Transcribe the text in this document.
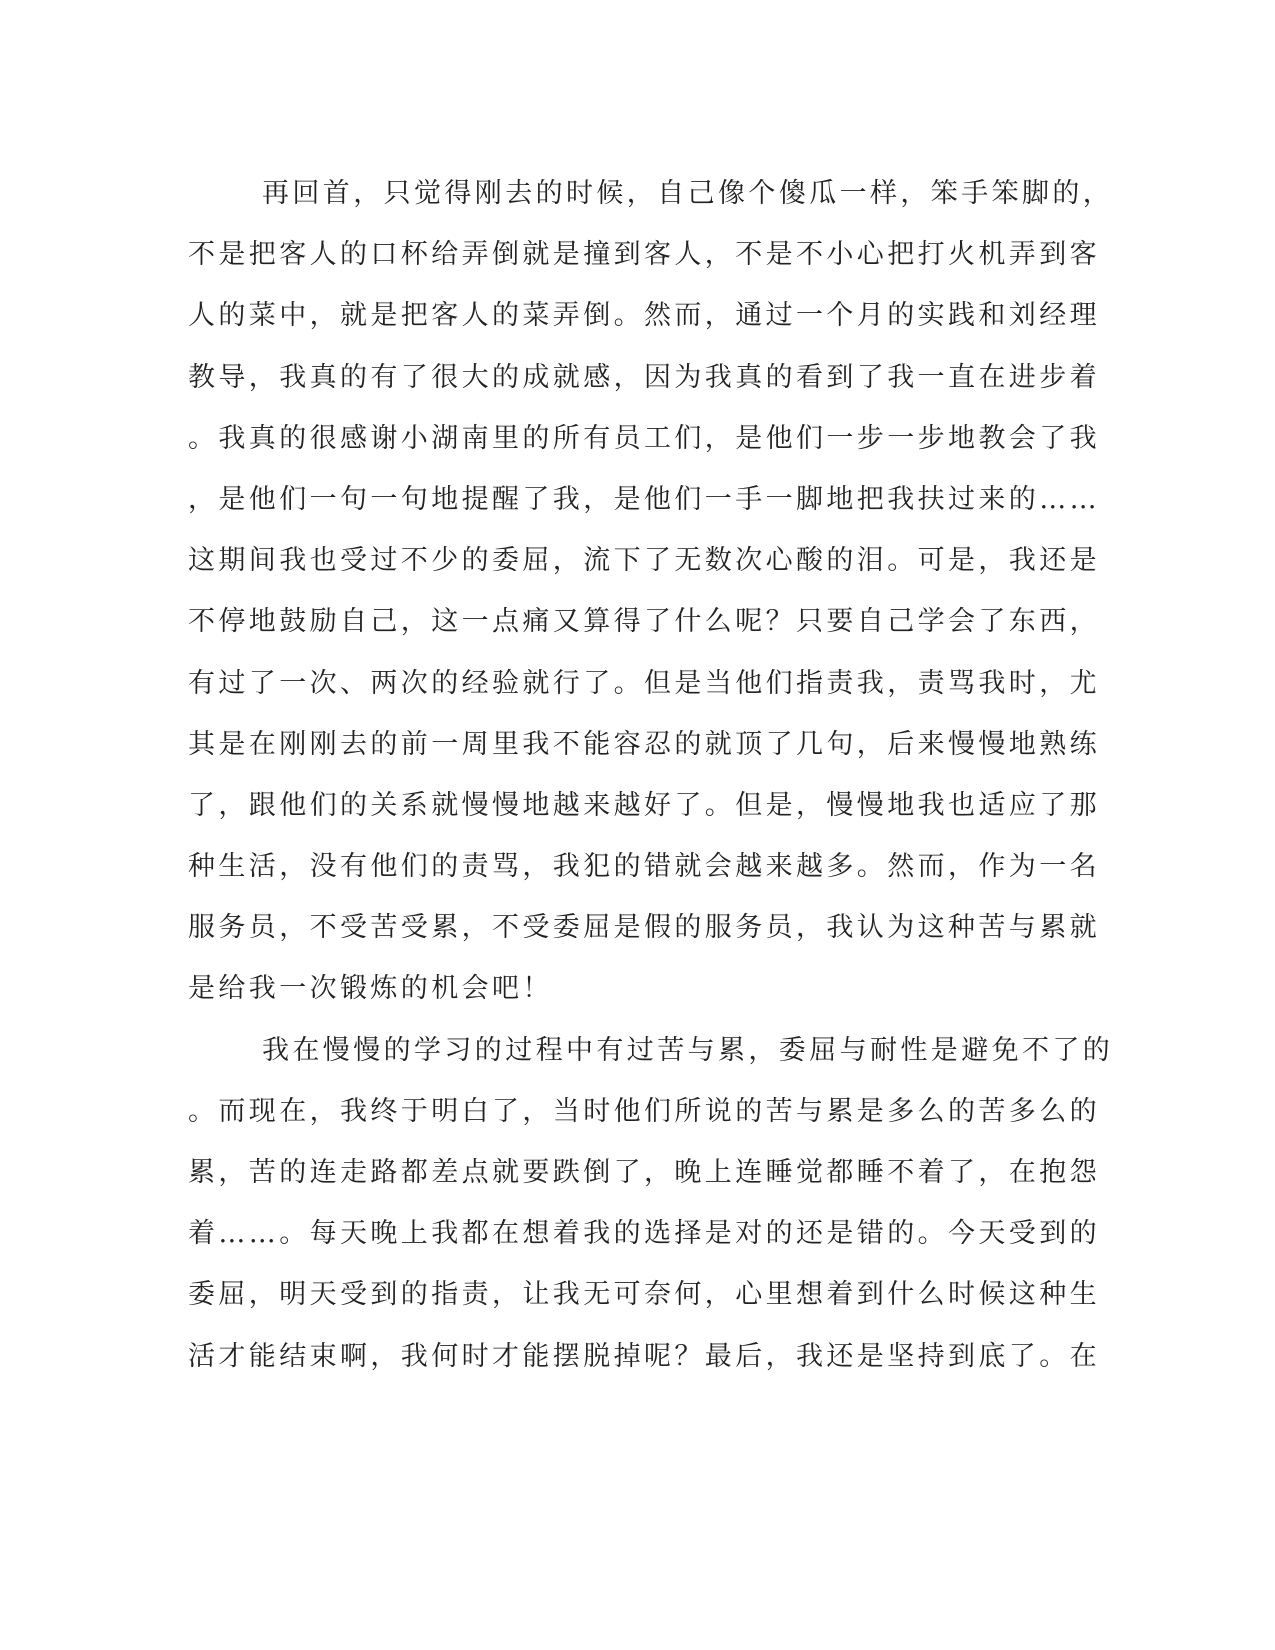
再回首，只觉得刚去的时候，自己像个傻瓜一样，笨手笨脚的，
不是把客人的口杯给弄倒就是撞到客人，不是不小心把打火机弄到客
人的菜中，就是把客人的菜弄倒。然而，通过一个月的实践和刘经理
教导，我真的有了很大的成就感，因为我真的看到了我一直在进步着
。我真的很感谢小湖南里的所有员工们，是他们一步一步地教会了我
，是他们一句一句地提醒了我，是他们一手一脚地把我扶过来的……
这期间我也受过不少的委屈，流下了无数次心酸的泪。可是，我还是
不停地鼓励自己，这一点痛又算得了什么呢？只要自己学会了东西，
有过了一次、两次的经验就行了。但是当他们指责我，责骂我时，尤
其是在刚刚去的前一周里我不能容忍的就顶了几句，后来慢慢地熟练
了，跟他们的关系就慢慢地越来越好了。但是，慢慢地我也适应了那
种生活，没有他们的责骂，我犯的错就会越来越多。然而，作为一名
服务员，不受苦受累，不受委屈是假的服务员，我认为这种苦与累就
是给我一次锻炼的机会吧！
我在慢慢的学习的过程中有过苦与累，委屈与耐性是避免不了的
。而现在，我终于明白了，当时他们所说的苦与累是多么的苦多么的
累，苦的连走路都差点就要跌倒了，晚上连睡觉都睡不着了，在抱怨
着……。每天晚上我都在想着我的选择是对的还是错的。今天受到的
委屈，明天受到的指责，让我无可奈何，心里想着到什么时候这种生
活才能结束啊，我何时才能摆脱掉呢？最后，我还是坚持到底了。在
